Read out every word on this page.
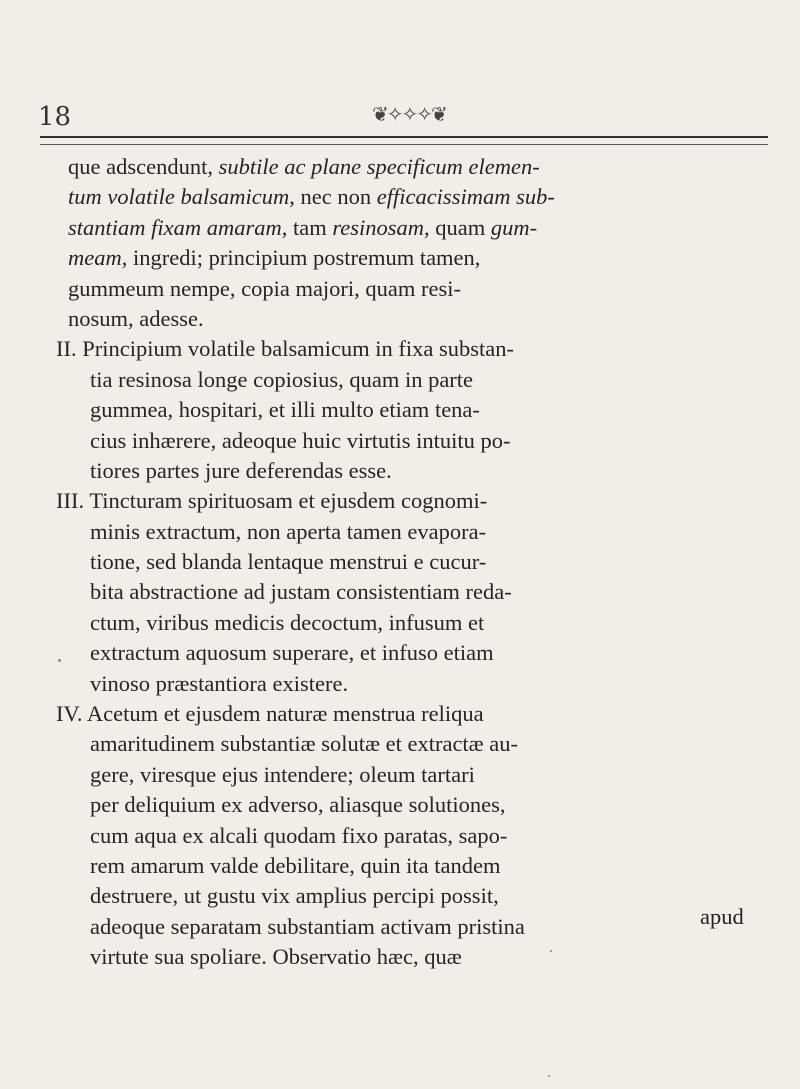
18	❦✧✧✧❦
que adscendunt, subtile ac plane specificum elemen-
tum volatile balsamicum, nec non efficacissimam sub-
stantiam fixam amaram, tam resinosam, quam gum-
meam, ingredi; principium postremum tamen,
gummeum nempe, copia majori, quam resi-
nosum, adesse.
II. Principium volatile balsamicum in fixa substan-
tia resinosa longe copiosius, quam in parte
gummea, hospitari, et illi multo etiam tena-
cius inhærere, adeoque huic virtutis intuitu po-
tiores partes jure deferendas esse.
III. Tincturam spirituosam et ejusdem cognomi-
minis extractum, non aperta tamen evapora-
tione, sed blanda lentaque menstrui e cucur-
bita abstractione ad justam consistentiam reda-
ctum, viribus medicis decoctum, infusum et
extractum aquosum superare, et infuso etiam
vinoso præstantiora existere.
IV. Acetum et ejusdem naturæ menstrua reliqua
amaritudinem substantiæ solutæ et extractæ au-
gere, viresque ejus intendere; oleum tartari
per deliquium ex adverso, aliasque solutiones,
cum aqua ex alcali quodam fixo paratas, sapo-
rem amarum valde debilitare, quin ita tandem
destruere, ut gustu vix amplius percipi possit,
adeoque separatam substantiam activam pristina
virtute sua spoliare. Observatio hæc, quæ
apud
